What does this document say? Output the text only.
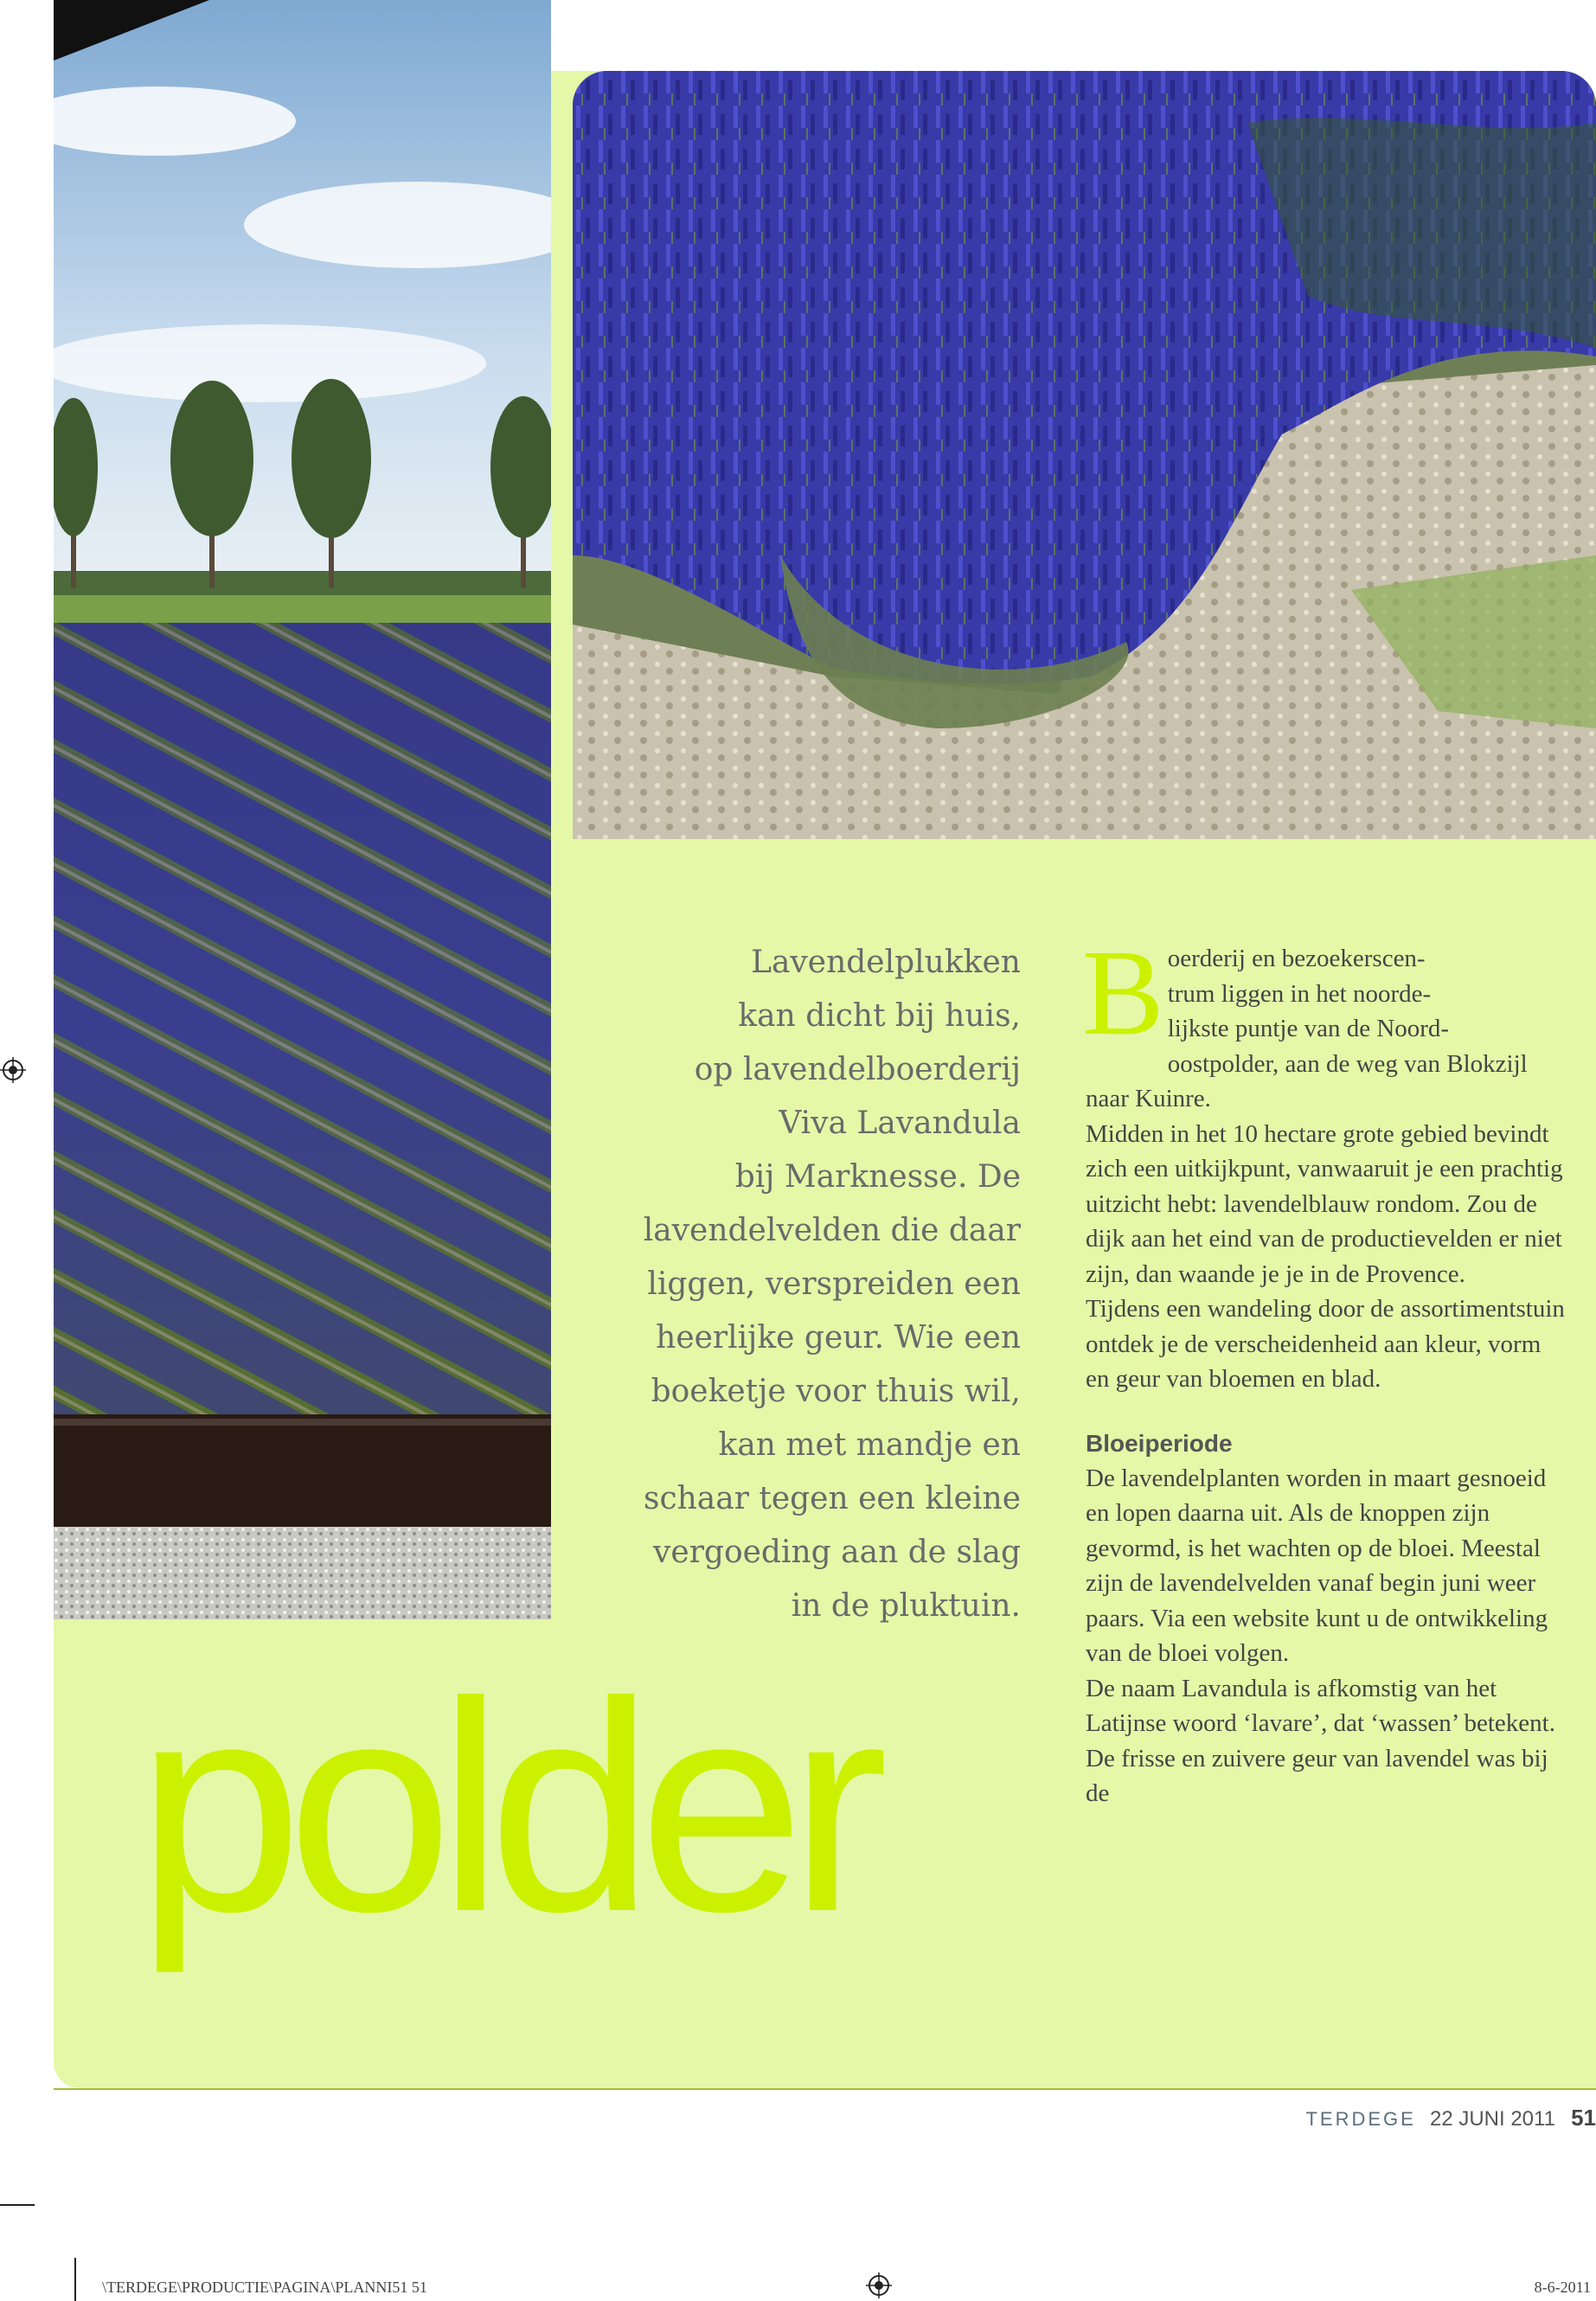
Lavendelplukken
kan dicht bij huis,
op lavendelboerderij
Viva Lavandula
bij Marknesse. De
lavendelvelden die daar
liggen, verspreiden een
heerlijke geur. Wie een
boeketje voor thuis wil,
kan met mandje en
schaar tegen een kleine
vergoeding aan de slag
in de pluktuin.
polder
B oerderij en bezoekerscen-
trum liggen in het noorde-
lijkste puntje van de Noord-
oostpolder, aan de weg van Blokzijl
naar Kuinre.

Midden in het 10 hectare grote gebied bevindt zich een uitkijkpunt, vanwaaruit je een prachtig uitzicht hebt: lavendelblauw rondom. Zou de dijk aan het eind van de productievelden er niet zijn, dan waande je je in de Provence.

Tijdens een wandeling door de assortimentstuin ontdek je de verscheidenheid aan kleur, vorm en geur van bloemen en blad.

Bloeiperiode

De lavendelplanten worden in maart gesnoeid en lopen daarna uit. Als de knoppen zijn gevormd, is het wachten op de bloei. Meestal zijn de lavendelvelden vanaf begin juni weer paars. Via een website kunt u de ontwikkeling van de bloei volgen.

De naam Lavandula is afkomstig van het Latijnse woord ‘lavare’, dat ‘wassen’ betekent. De frisse en zuivere geur van lavendel was bij de

TERDEGE 22 JUNI 2011 51
\TERDEGE\PRODUCTIE\PAGINA\PLANNI51 51	8-6-2011
